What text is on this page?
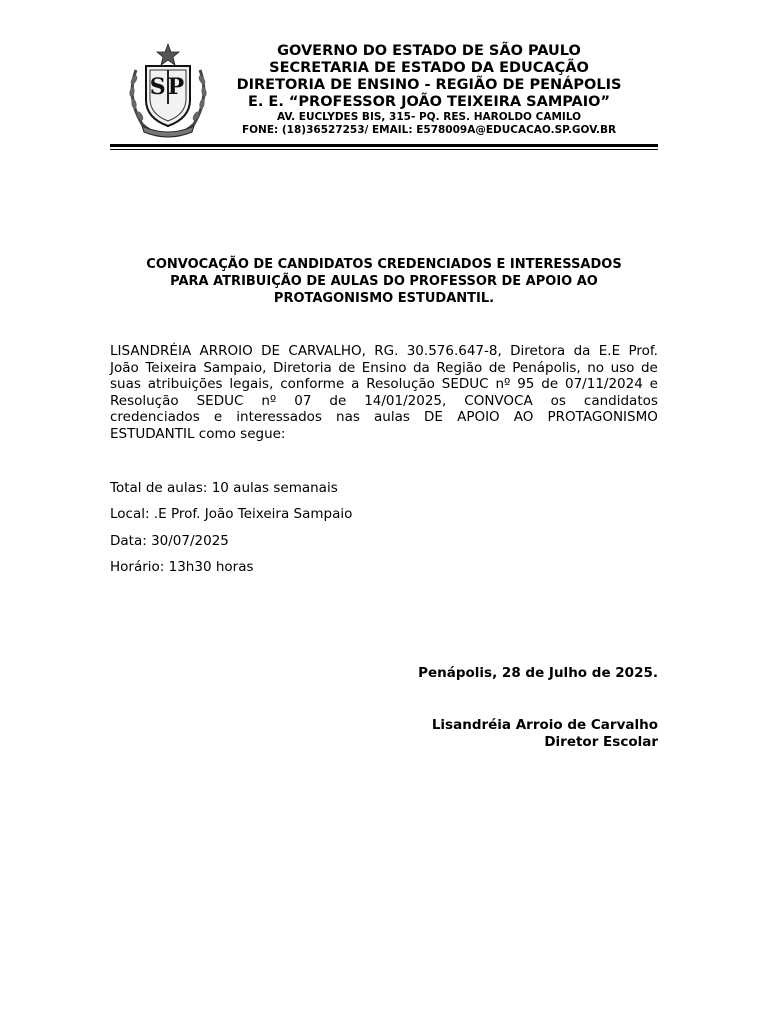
SP
GOVERNO DO ESTADO DE SÃO PAULO
SECRETARIA DE ESTADO DA EDUCAÇÃO
DIRETORIA DE ENSINO - REGIÃO DE PENÁPOLIS
E. E. “PROFESSOR JOÃO TEIXEIRA SAMPAIO”
AV. EUCLYDES BIS, 315- PQ. RES. HAROLDO CAMILO
FONE: (18)36527253/ EMAIL: E578009A@EDUCACAO.SP.GOV.BR
CONVOCAÇÃO DE CANDIDATOS CREDENCIADOS E INTERESSADOS
PARA ATRIBUIÇÃO DE AULAS DO PROFESSOR DE APOIO AO
PROTAGONISMO ESTUDANTIL.
LISANDRÉIA ARROIO DE CARVALHO, RG. 30.576.647-8, Diretora da E.E Prof.
João Teixeira Sampaio, Diretoria de Ensino da Região de Penápolis, no uso de
suas atribuições legais, conforme a Resolução SEDUC nº 95 de 07/11/2024 e
Resolução SEDUC nº 07 de 14/01/2025, CONVOCA os candidatos
credenciados e interessados nas aulas DE APOIO AO PROTAGONISMO
ESTUDANTIL
como
segue:
Total de aulas: 10 aulas semanais
Local: .E Prof. João Teixeira Sampaio
Data: 30/07/2025
Horário: 13h30 horas
Penápolis, 28 de Julho de 2025.
Lisandréia Arroio de Carvalho
Diretor Escolar
